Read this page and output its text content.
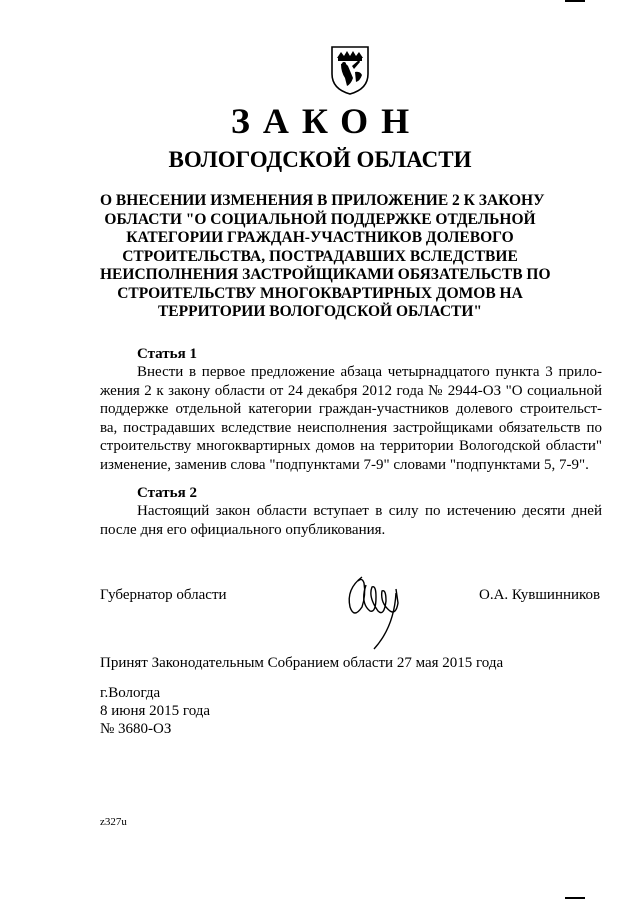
ЗАКОН
ВОЛОГОДСКОЙ ОБЛАСТИ
О ВНЕСЕНИИ ИЗМЕНЕНИЯ В ПРИЛОЖЕНИЕ 2 К ЗАКОНУ
ОБЛАСТИ "О СОЦИАЛЬНОЙ ПОДДЕРЖКЕ ОТДЕЛЬНОЙ
КАТЕГОРИИ ГРАЖДАН-УЧАСТНИКОВ ДОЛЕВОГО
СТРОИТЕЛЬСТВА, ПОСТРАДАВШИХ ВСЛЕДСТВИЕ
НЕИСПОЛНЕНИЯ ЗАСТРОЙЩИКАМИ ОБЯЗАТЕЛЬСТВ ПО
СТРОИТЕЛЬСТВУ МНОГОКВАРТИРНЫХ ДОМОВ НА
ТЕРРИТОРИИ ВОЛОГОДСКОЙ ОБЛАСТИ"
Статья 1
Внести в первое предложение абзаца четырнадцатого пункта 3 прило-
жения 2 к закону области от 24 декабря 2012 года № 2944-ОЗ "О социальной
поддержке отдельной категории граждан-участников долевого строительст-
ва, пострадавших вследствие неисполнения застройщиками обязательств по
строительству многоквартирных домов на территории Вологодской области"
изменение, заменив слова "подпунктами 7-9" словами "подпунктами 5, 7-9".
Статья 2
Настоящий закон области вступает в силу по истечению десяти дней
после дня его официального опубликования.
Губернатор области	О.А. Кувшинников
Принят Законодательным Собранием области 27 мая 2015 года
г.Вологда
8 июня 2015 года
№ 3680-ОЗ
z327u
